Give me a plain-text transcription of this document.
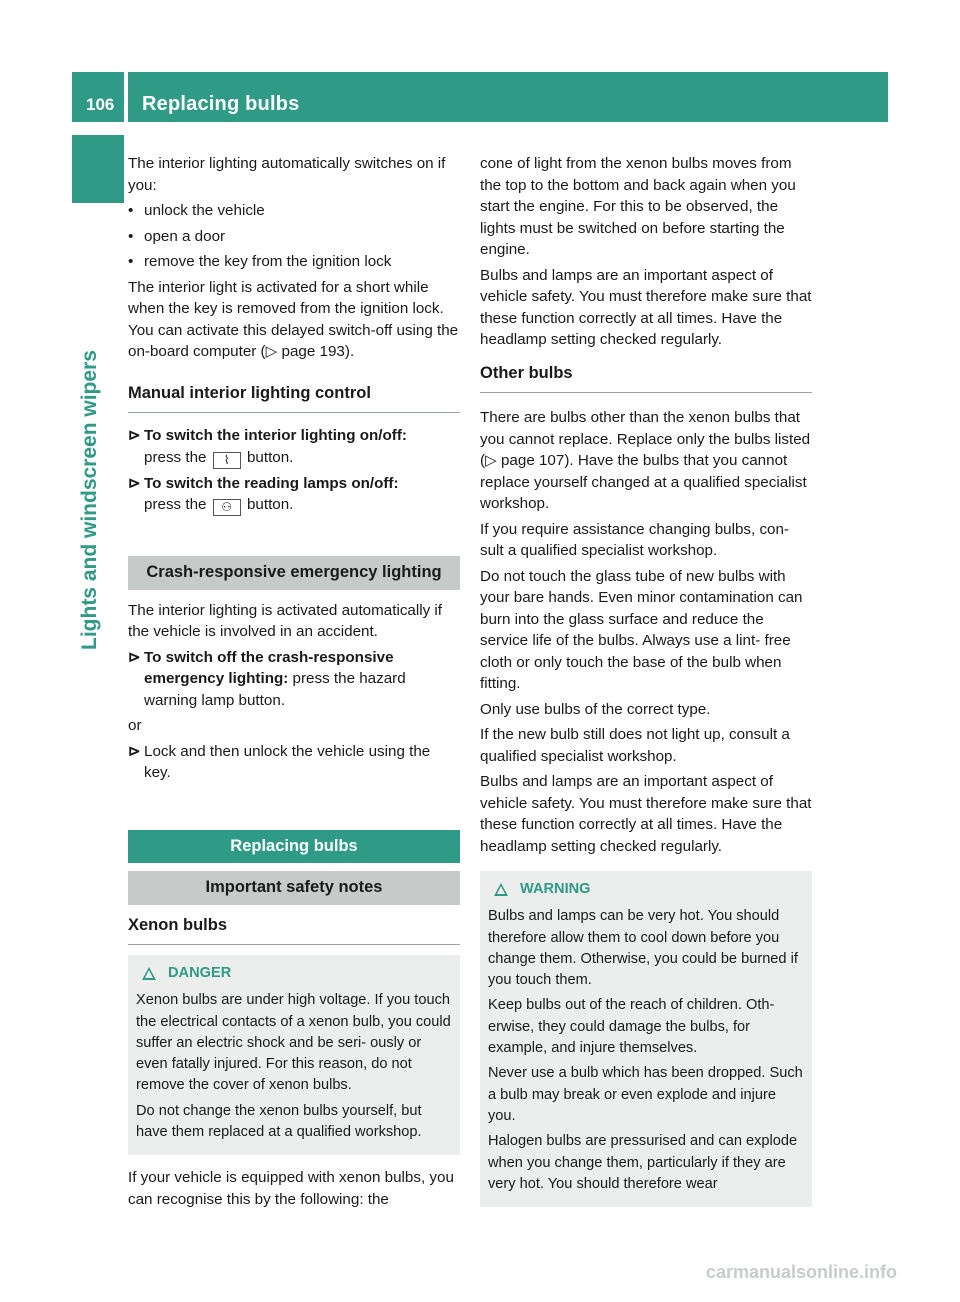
106 Replacing bulbs
Lights and windscreen wipers

The interior lighting automatically switches on if you:

• unlock the vehicle
• open a door
• remove the key from the ignition lock

The interior light is activated for a short while when the key is removed from the ignition lock. You can activate this delayed switch-off using the on-board computer (▷ page 193).

Manual interior lighting control
⊳ To switch the interior lighting on/off:
press the ⌇ button.
⊳ To switch the reading lamps on/off:
press the ⚇ button.
Crash-responsive emergency lighting

The interior lighting is activated automatically if the vehicle is involved in an accident.

⊳ To switch off the crash-responsive emergency lighting: press the hazard warning lamp button.

or

⊳ Lock and then unlock the vehicle using the key.
Replacing bulbs
Important safety notes
Xenon bulbs
DANGER

Xenon bulbs are under high voltage. If you touch the electrical contacts of a xenon bulb, you could suffer an electric shock and be seri- ously or even fatally injured. For this reason, do not remove the cover of xenon bulbs.

Do not change the xenon bulbs yourself, but have them replaced at a qualified workshop.

If your vehicle is equipped with xenon bulbs, you can recognise this by the following: the

cone of light from the xenon bulbs moves from the top to the bottom and back again when you start the engine. For this to be observed, the lights must be switched on before starting the engine.

Bulbs and lamps are an important aspect of vehicle safety. You must therefore make sure that these function correctly at all times. Have the headlamp setting checked regularly.

Other bulbs

There are bulbs other than the xenon bulbs that you cannot replace. Replace only the bulbs listed (▷ page 107). Have the bulbs that you cannot replace yourself changed at a qualified specialist workshop.

If you require assistance changing bulbs, con- sult a qualified specialist workshop.

Do not touch the glass tube of new bulbs with your bare hands. Even minor contamination can burn into the glass surface and reduce the service life of the bulbs. Always use a lint- free cloth or only touch the base of the bulb when fitting.

Only use bulbs of the correct type.

If the new bulb still does not light up, consult a qualified specialist workshop.

Bulbs and lamps are an important aspect of vehicle safety. You must therefore make sure that these function correctly at all times. Have the headlamp setting checked regularly.

WARNING

Bulbs and lamps can be very hot. You should therefore allow them to cool down before you change them. Otherwise, you could be burned if you touch them.

Keep bulbs out of the reach of children. Oth- erwise, they could damage the bulbs, for example, and injure themselves.

Never use a bulb which has been dropped. Such a bulb may break or even explode and injure you.

Halogen bulbs are pressurised and can explode when you change them, particularly if they are very hot. You should therefore wear

carmanualsonline.info
